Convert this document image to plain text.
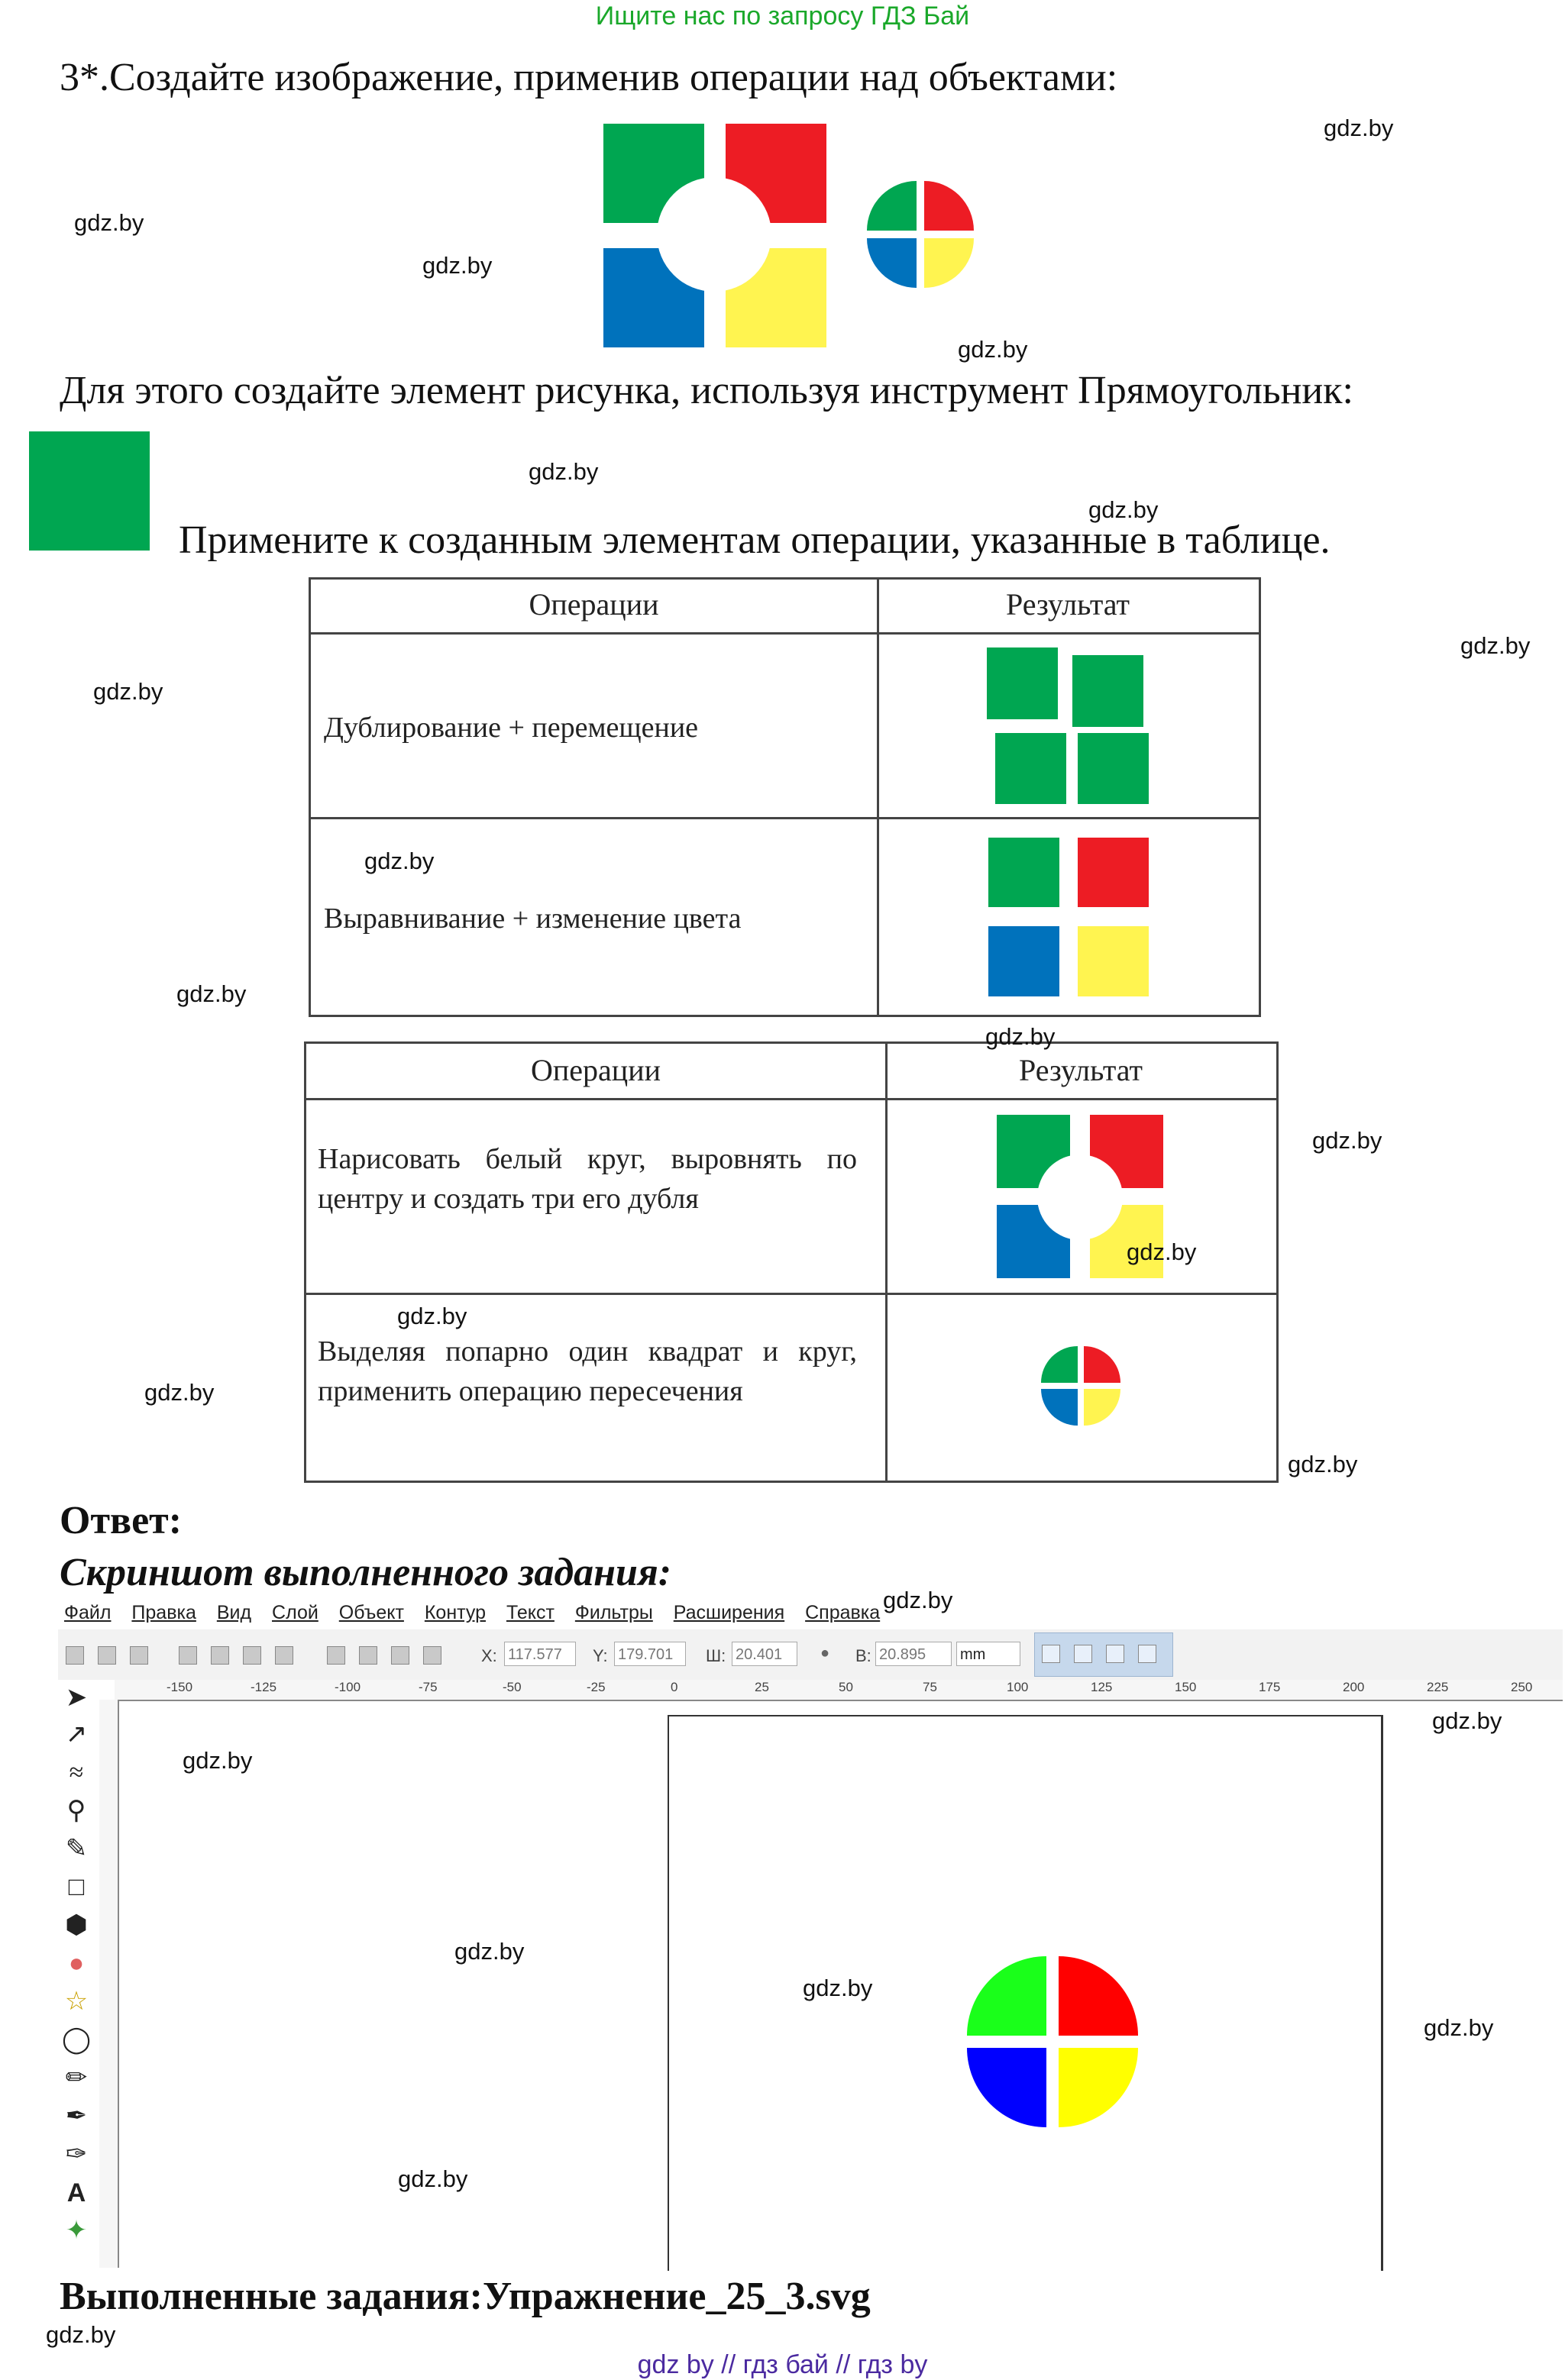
Ищите нас по запросу ГДЗ Бай
3*.Создайте изображение, применив операции над объектами:
Для этого создайте элемент рисунка, используя инструмент Прямоугольник:
Примените к созданным элементам операции, указанные в таблице.
Операции	Результат
Дублирование + перемещение
Выравнивание + изменение цвета
Операции	Результат
Нарисовать белый круг, выровнять по центру и создать три его дубля
Выделяя попарно один квадрат и круг, применить операцию пересечения
Ответ:
Скриншот выполненного задания:
Файл Правка Вид Слой Объект Контур Текст Фильтры Расширения Справка
X: 117.577	Y: 179.701	Ш: 20.401	● В: 20.895	mm
-150	-125	-100	-75	-50	-25	0	25	50	75	100	125	150	175	200	225	250
➤
↗
≈
⚲
✎
□
⬢
●
☆
◯
✏
✒
✑
A
✦
Выполненные задания:Упражнение_25_3.svg
gdz.by
gdz.by
gdz.by
gdz.by
gdz.by
gdz.by
gdz.by
gdz.by
gdz.by
gdz.by
gdz.by
gdz.by
gdz.by
gdz.by
gdz.by
gdz.by
gdz.by
gdz.by
gdz.by
gdz.by
gdz.by
gdz.by
gdz.by
gdz.by
gdz by // гдз бай // гдз by
